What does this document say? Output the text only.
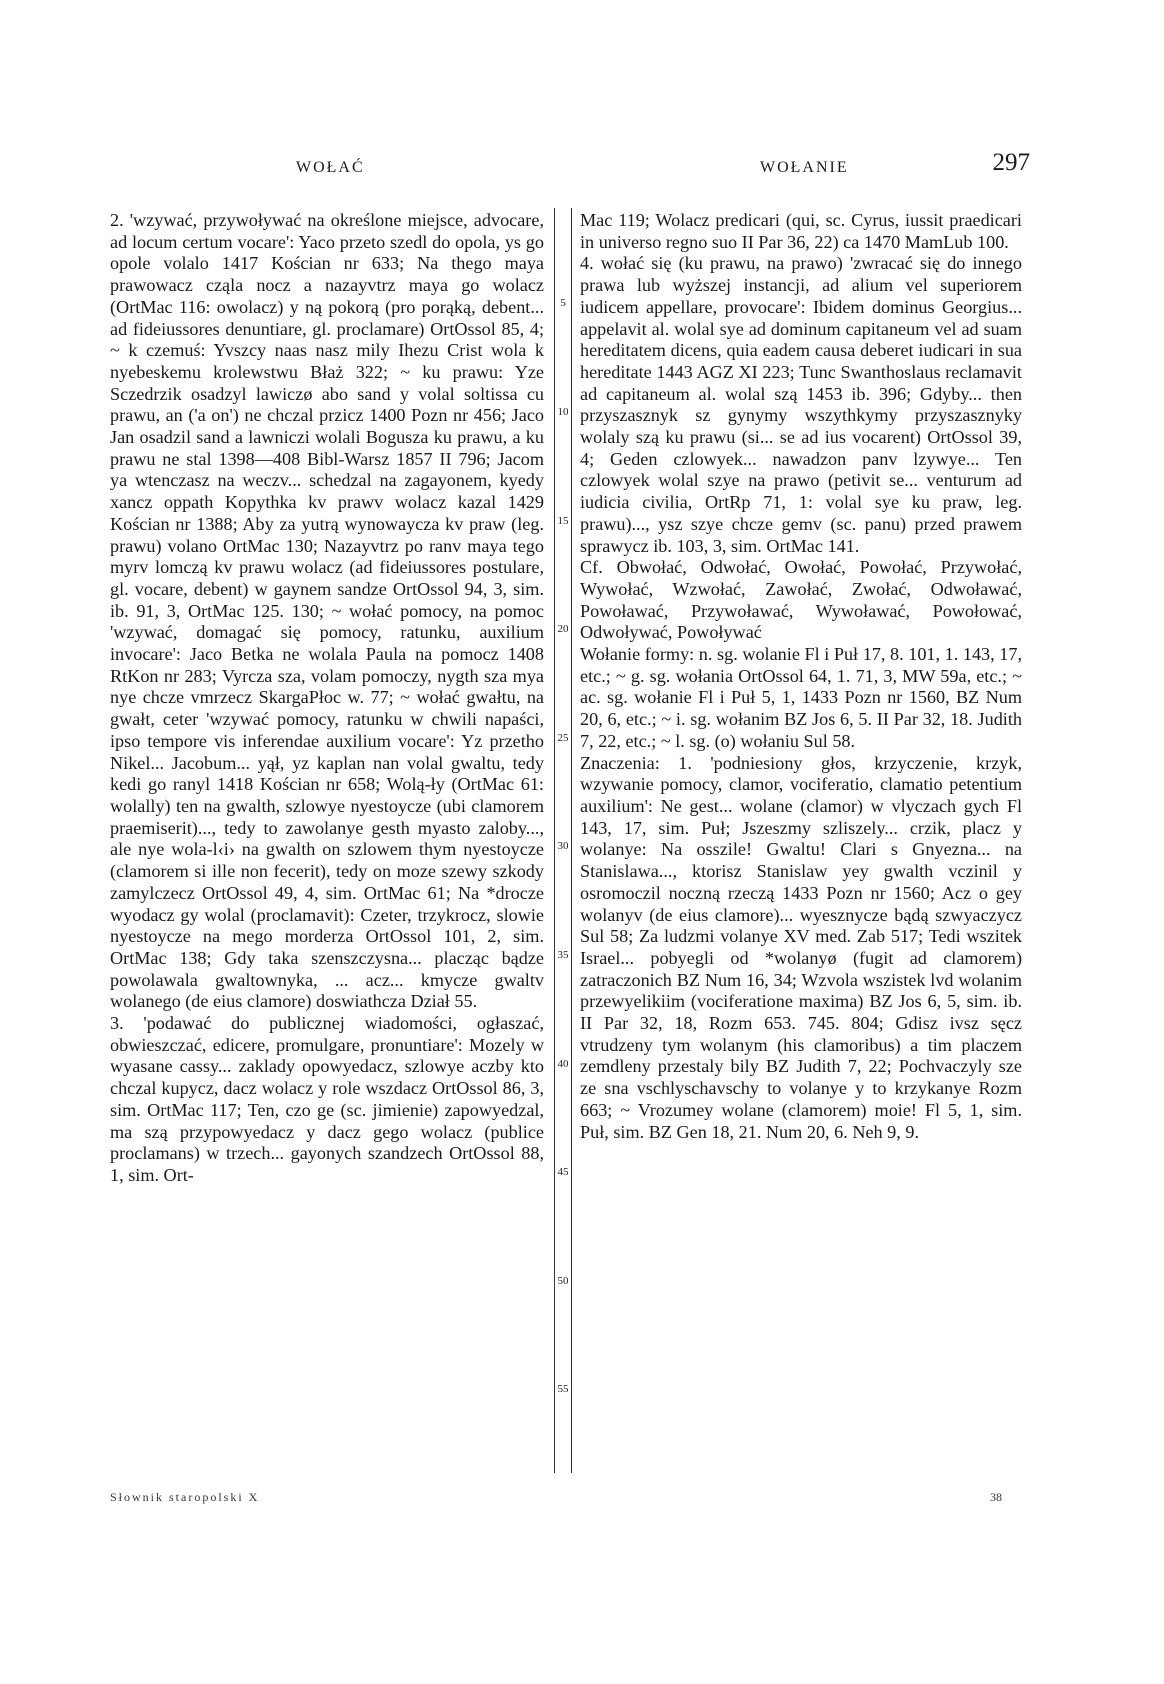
WOŁAĆ	WOŁANIE	297

2. 'wzywać, przywoływać na określone miejsce, advocare, ad locum certum vocare': Yaco przeto szedl do opola, ys go opole volalo 1417 Kościan nr 633; Na thego maya prawowacz cząla nocz a nazayvtrz maya go wolacz (OrtMac 116: owolacz) y ną pokorą (pro porąką, debent... ad fideiussores denuntiare, gl. proclamare) OrtOssol 85, 4; ~ k czemuś: Yvszcy naas nasz mily Ihezu Crist wola k nyebeskemu krolewstwu Błaż 322; ~ ku prawu: Yze Sczedrzik osadzyl lawiczø abo sand y volal soltissa cu prawu, an ('a on') ne chczal przicz 1400 Pozn nr 456; Jaco Jan osadzil sand a lawniczi wolali Bogusza ku prawu, a ku prawu ne stal 1398—408 Bibl-Warsz 1857 II 796; Jacom ya wtenczasz na weczv... schedzal na zagayonem, kyedy xancz oppath Kopythka kv prawv wolacz kazal 1429 Kościan nr 1388; Aby za yutrą wynowaycza kv praw (leg. prawu) volano OrtMac 130; Nazayvtrz po ranv maya tego myrv lomczą kv prawu wolacz (ad fideiussores postulare, gl. vocare, debent) w gaynem sandze OrtOssol 94, 3, sim. ib. 91, 3, OrtMac 125. 130; ~ wołać pomocy, na pomoc 'wzywać, domagać się pomocy, ratunku, auxilium invocare': Jaco Betka ne wolala Paula na pomocz 1408 RtKon nr 283; Vyrcza sza, volam pomoczy, nygth sza mya nye chcze vmrzecz SkargaPłoc w. 77; ~ wołać gwałtu, na gwałt, ceter 'wzywać pomocy, ratunku w chwili napaści, ipso tempore vis inferendae auxilium vocare': Yz przetho Nikel... Jacobum... yął, yz kaplan nan volal gwaltu, tedy kedi go ranyl 1418 Kościan nr 658; Wolą-ły (OrtMac 61: wolally) ten na gwalth, szlowye nyestoycze (ubi clamorem praemiserit)..., tedy to zawolanye gesth myasto zaloby..., ale nye wola-l‹i› na gwalth on szlowem thym nyestoycze (clamorem si ille non fecerit), tedy on moze szewy szkody zamylczecz OrtOssol 49, 4, sim. OrtMac 61; Na *drocze wyodacz gy wolal (proclamavit): Czeter, trzykrocz, slowie nyestoycze na mego morderza OrtOssol 101, 2, sim. OrtMac 138; Gdy taka szenszczysna... placząc bądze powolawala gwaltownyka, ... acz... kmycze gwaltv wolanego (de eius clamore) doswiathcza Dział 55.

3. 'podawać do publicznej wiadomości, ogłaszać, obwieszczać, edicere, promulgare, pronuntiare': Mozely w wyasane cassy... zaklady opowyedacz, szlowye aczby kto chczal kupycz, dacz wolacz y role wszdacz OrtOssol 86, 3, sim. OrtMac 117; Ten, czo ge (sc. jimienie) zapowyedzal, ma szą przypowyedacz y dacz gego wolacz (publice proclamans) w trzech... gayonych szandzech OrtOssol 88, 1, sim. Ort-

5
10
15
20
25
30
35
40
45
50
55

Mac 119; Wolacz predicari (qui, sc. Cyrus, iussit praedicari in universo regno suo II Par 36, 22) ca 1470 MamLub 100.

4. wołać się (ku prawu, na prawo) 'zwracać się do innego prawa lub wyższej instancji, ad alium vel superiorem iudicem appellare, provocare': Ibidem dominus Georgius... appelavit al. wolal sye ad dominum capitaneum vel ad suam hereditatem dicens, quia eadem causa deberet iudicari in sua hereditate 1443 AGZ XI 223; Tunc Swanthoslaus reclamavit ad capitaneum al. wolal szą 1453 ib. 396; Gdyby... then przyszasznyk sz gynymy wszythkymy przyszasznyky wolaly szą ku prawu (si... se ad ius vocarent) OrtOssol 39, 4; Geden czlowyek... nawadzon panv lzywye... Ten czlowyek wolal szye na prawo (petivit se... venturum ad iudicia civilia, OrtRp 71, 1: volal sye ku praw, leg. prawu)..., ysz szye chcze gemv (sc. panu) przed prawem sprawycz ib. 103, 3, sim. OrtMac 141.

Cf. Obwołać, Odwołać, Owołać, Powołać, Przywołać, Wywołać, Wzwołać, Zawołać, Zwołać, Odwoławać, Powoławać, Przywoławać, Wywoławać, Powołować, Odwoływać, Powoływać

Wołanie formy: n. sg. wolanie Fl i Puł 17, 8. 101, 1. 143, 17, etc.; ~ g. sg. wołania OrtOssol 64, 1. 71, 3, MW 59a, etc.; ~ ac. sg. wołanie Fl i Puł 5, 1, 1433 Pozn nr 1560, BZ Num 20, 6, etc.; ~ i. sg. wołanim BZ Jos 6, 5. II Par 32, 18. Judith 7, 22, etc.; ~ l. sg. (o) wołaniu Sul 58.

Znaczenia: 1. 'podniesiony głos, krzyczenie, krzyk, wzywanie pomocy, clamor, vociferatio, clamatio petentium auxilium': Ne gest... wolane (clamor) w vlyczach gych Fl 143, 17, sim. Puł; Jszeszmy szliszely... crzik, placz y wolanye: Na osszile! Gwaltu! Clari s Gnyezna... na Stanislawa..., ktorisz Stanislaw yey gwalth vczinil y osromoczil noczną rzeczą 1433 Pozn nr 1560; Acz o gey wolanyv (de eius clamore)... wyesznycze bądą szwyaczycz Sul 58; Za ludzmi volanye XV med. Zab 517; Tedi wszitek Israel... pobyegli od *wolanyø (fugit ad clamorem) zatraczonich BZ Num 16, 34; Wzvola wszistek lvd wolanim przewyelikiim (vociferatione maxima) BZ Jos 6, 5, sim. ib. II Par 32, 18, Rozm 653. 745. 804; Gdisz ivsz sęcz vtrudzeny tym wolanym (his clamoribus) a tim placzem zemdleny przestaly bily BZ Judith 7, 22; Pochvaczyly sze ze sna vschlyschavschy to volanye y to krzykanye Rozm 663; ~ Vrozumey wolane (clamorem) moie! Fl 5, 1, sim. Puł, sim. BZ Gen 18, 21. Num 20, 6. Neh 9, 9.

Słownik staropolski X	38
